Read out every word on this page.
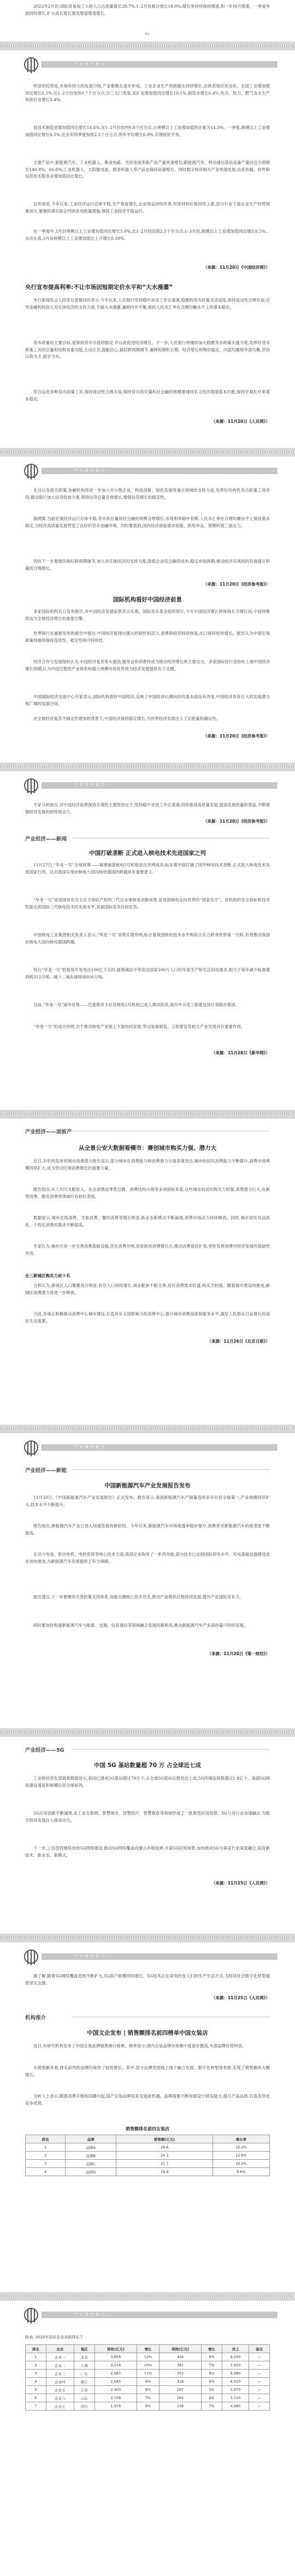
2022年2月份,国际贸易加工入的人口占用量增长28.7%,1–2月份累计增长18.0%,增长率持续保持增速,和一年同月增速。一季度外面同时增长,扩大成长增长情况增速增速增长。
61
产 业 研 究 报 告
明显的趋势是,市场有较大的发展空间,产业集聚在逐步形成。工业企业生产的数据在持续增长,总体表现状况良好。全国工业增加值同比增长6.5%,比1–2月份加快0.7个百分点;分三大门类看,采矿业增加值同比增长10.1%,制造业增长6.4%,电力、热力、燃气及水生产和供应业增长3.4%。
高技术制造业增加值同比增长14.8%,比1–2月份加快0.8个百分点,占规模以上工业增加值的比重为14.3%。一季度,规模以上工业增加值同比增长6.5%,比去年四季度加快2.5个百分点,两年平均增长6.9%,实现较好开局。
主要产品中,新能源汽车、工业机器人、集成电路、光伏电池等新产品产量快速增长;新能源汽车、移动通信基站设备产量同比分别增长140.8%、66.8%;工业机器人、太阳能电池、服务机器人等产品也保持高速增长。同时数字经济相关产业快速发展,信息传输、软件和信息技术服务业增加值同比增长。
总的来说,今年以来,工业经济运行总体平稳,生产恢复增长,企业效益持续改善,但原材料价格持续上涨,部分行业下游企业生产经营困难加大,要继续落实助企纾困各项政策措施,保持工业经济平稳运行。
在一季度中,3月份规模以上工业增加值同比增长5.0%,比1–2月份回落2.5个百分点;1–3月份,规模以上工业增加值同比增长6.5%。从环比看,3月份规模以上工业增加值比上月增长0.39%。
（来源：11月20日《中国经济网》）
央行宣布提高利率:不让市场因短期定价水平和“大水漫灌”
央行新闻发言人回答记者提问时表示,今年以来,人民银行坚持稳中求进工作总基调,稳健的货币政策灵活适度,保持流动性合理充裕,引导金融机构加大对实体经济的支持力度,不搞大水漫灌,兼顾内外平衡,保持人民币汇率在合理均衡水平上的基本稳定。
货币政策的主要目标,是保持货币币值的稳定,并以此促进经济增长。下一步,人民银行将继续加大稳健货币政策实施力度,发挥好货币政策工具的总量和结构双重功能,主动应对,提振信心,搞好跨周期调节,兼顾短期和长期、经济增长和物价稳定、内部均衡和外部均衡,坚持以我为主,稳字当头。
综合运用多种货币政策工具,保持流动性合理充裕,保持货币供应量和社会融资规模增速同名义经济增速基本匹配,保持宏观杠杆率基本稳定。
（来源：11月20日《人民网》）
产 业 研 究 报 告
在这以及相关政策,金融机构将进一步加大对小微企业、科技创新、绿色发展等重点领域的支持力度,发挥好结构性货币政策工具作用,推动银行加大信贷投放力度,保持信贷总量有效增长,增强信贷增长的稳定性。
据测算,当前宏观经济运行总体平稳,货币供应量和社会融资规模合理增长,市场利率稳中有降,人民币汇率在合理均衡水平上保持基本稳定,为经济高质量发展营造了良好的货币金融环境。同时要看到,国内经济面临需求收缩、供给冲击、预期转弱三重压力。
因此下一步要继续做好跨周期调节,加大对实体经济的支持力度,降低企业综合融资成本,稳定市场预期,推动经济实现质的有效提升和量的合理增长。
（来源：11月20日《经济参考报》）
国际机构看好中国经济前景
多家国际机构近日发布报告,对中国经济发展前景表示乐观。国际货币基金组织预计,今年中国经济增长将保持在合理区间,中国将继续成为全球经济增长的重要引擎。
世界银行在最新发布的报告中指出,中国经济展现出强大的韧性和活力,消费和投资持续恢复,出口保持较快增长。报告认为中国宏观政策将继续保持连续性、稳定性和可持续性。
经济合作与发展组织认为,中国经济复苏势头强劲,服务业和消费将成为推动经济增长的主要动力。多家国际投行也纷纷上调中国经济增长预期,认为中国完整的产业体系和超大规模市场优势将为经济发展提供有力支撑。
中国国际经济交流中心专家表示,国际机构看好中国经济,反映了中国经济长期向好的基本面没有改变,中国经济具有巨大的发展潜力和广阔的发展空间。
在全球经济复苏不确定性增加的背景下,中国经济保持稳定增长,为世界经济发展注入了正能量和确定性。
（来源：11月20日《经济参考报》）
产 业 研 究 报 告
专家分析指出,对中国经济前景保持乐观的主要原因在于,坚持稳中求进工作总基调,持续推进高质量发展,提高发展质量和效益,不断增强经济发展的韧性和动力。
（来源：11月20日《经济参考报》）
产业经济——新闻
中国打破垄断 正式进入核电技术先进国家之列
11月27日,“华龙一号”全球首堆——福建福清核电5号机组首次并网成功,标志着中国打破了国外核电技术垄断,正式进入核电技术先进国家行列。这对我国实现由核电大国向核电强国的跨越具有重要意义。
“华龙一号”是我国具有完全自主知识产权的三代压水堆核电创新成果,是我国核电走向世界的“国家名片”。该机组的安全指标和技术性能达到国际三代核电技术的先进水平,具备国际竞争比较优势。
中国核电工业集团相关负责人表示,“华龙一号”首堆实现并网,标志着我国核电技术水平和综合实力跻身世界第一方阵,有效推动我国由核电大国向核电强国跨越。
每台“华龙一号”机组每年发电近100亿千瓦时,能够满足中等发达国家100万人口的年度生产和生活用电需求,相当于每年减少标准煤消耗312万吨、减少二氧化碳排放816万吨。
目前,“华龙一号”海外首堆——巴基斯坦卡拉奇核电2号机组已进入调试阶段,海内外示范工程建设按计划稳步推进。
“华龙一号”的成功并网,对于推动核电产业链上下游协同发展,带动装备制造、工程建设等相关产业发展具有重要作用。
（来源：11月28日《新华网》）
产业经济——面板产
从全景公安大数据看横市：赛创城市购买力强、潜力大
近日,有机构发布的城市消费潜力报告显示,部分城市在消费能力和消费潜力方面表现突出,城市的居民消费能力不断提升,消费市场规模持续扩大,成为带动区域消费增长的重要力量。
报告指出,从人均可支配收入、社会消费品零售总额、消费结构升级等多项指标来看,这些城市的居民购买力较强,消费潜力巨大,在新型消费、服务消费等领域均有较好表现。
数据显示,城市在线消费、文旅消费、餐饮消费等增长明显,新业态新模式不断涌现,消费市场活力持续释放。同时,城市居民对品质化、个性化消费的需求不断提高。
专家认为,城市应进一步完善消费基础设施,优化消费环境,培育新的消费增长点,推动消费提质扩容,更好发挥消费对经济发展的基础性作用。
业三新城区购买力前十名
分析认为,新城区人口集聚效应明显,居住人口持续增长,商业配套不断完善,居民消费需求旺盛,购买力较强。随着城市建设的推进,新城区消费潜力将进一步释放。
当前,各地正积极推动消费中心城市建设,打造具有全国影响力的消费中心,提升城市消费品质和服务水平,满足人民群众日益增长的美好生活需要。
（来源：11月26日《北京日报》）
产 业 研 究 报 告
产业经济——新能
中国新能源汽车产业发展报告发布
11月20日,《中国新能源汽车产业发展报告》正式发布。报告显示,我国新能源汽车产销量连续多年位居全球第一,产业规模持续扩大,技术水平不断提升。
报告指出,新能源汽车产业已进入加速发展的新阶段。今年以来,新能源汽车市场渗透率稳步提升,消费者对新能源汽车的接受度不断提高。
在动力电池、驱动电机、电控系统等核心技术方面,我国企业取得了一系列突破,部分技术已达到国际领先水平。充电基础设施建设也在加快推进,为新能源汽车发展提供了有力保障。
报告建议,下一步要继续完善政策支持体系,加强关键核心技术攻关,推动产业链供应链协同发展,提升产业国际竞争力。
同时要加快构建新能源汽车与能源、交通、信息通信等领域融合发展的新格局,推动新能源汽车产业高质量可持续发展。
（来源：11月20日《第一财经》）
产业经济——5G
中国 5G 基站数量超 70 万 占全球近七成
工业和信息化部最新数据显示,我国已建成5G基站超过70万个,占全球5G基站总数的近七成,5G终端连接数超过1.8亿个。我国5G网络建设速度和规模位居全球前列。
5G应用创新不断涌现,在工业互联网、智慧城市、智慧医疗、智慧教育等领域形成了一批典型应用场景。5G与各行业加速融合,为数字经济发展注入强劲动力。
下一步,工信部将继续加快5G网络建设,推动5G网络覆盖向重点乡镇延伸,丰富5G应用场景,加快推动5G与垂直行业深度融合,培育新技术、新业态、新模式。
（来源：11月25日《人民网》）
产 业 研 究 报 告
据了解,随着5G网络覆盖范围不断扩大,5G用户规模持续增长。5G技术正在深刻改变人们的生产生活方式,为经济社会数字化转型提供坚实支撑。
（来源：11月25日《人民网》）
机构推介
中国文企发布 | 销售额排名前四榜单中国女装店
近日,有研究机构发布了中国女装品牌销售排行榜单。榜单显示,国内女装品牌市场集中度逐步提高,头部品牌优势明显。
从销售额来看,排名前列的品牌均保持了较快增长。其中,部分品牌凭借线上线下融合发展、数字化转型等举措,实现了销售额的大幅增长。
分析人士表示,随着消费升级和国潮兴起,国产女装品牌迎来发展新机遇。品牌需要不断加强设计研发能力,提升产品品质,打造差异化竞争优势。
销售额排名前四女装店
排名	品牌	销售额(亿元)	增长率
1	品牌A	28.6	15.2%
2	品牌B	24.3	12.8%
3	品牌C	21.7	10.5%
4	品牌D	18.9	9.6%
产 业 研 究 报 告
附表: 2020年国民企业表格排名下
排名	企业	地区	营收(亿元)	增长	利润(亿元)	增长	员工	备注
1	企业一	北京	3,856	12%	426	9%	8,200	—
2	企业二	上海	3,214	10%	381	7%	7,650	—
3	企业三	广东	2,987	11%	352	8%	6,980	—
4	企业四	浙江	2,645	9%	318	6%	6,420	—
5	企业五	江苏	2,403	8%	297	5%	5,870	—
6	企业六	山东	2,158	7%	264	6%	5,310	—
7	企业七	四川	1,976	9%	238	7%	4,960	—
